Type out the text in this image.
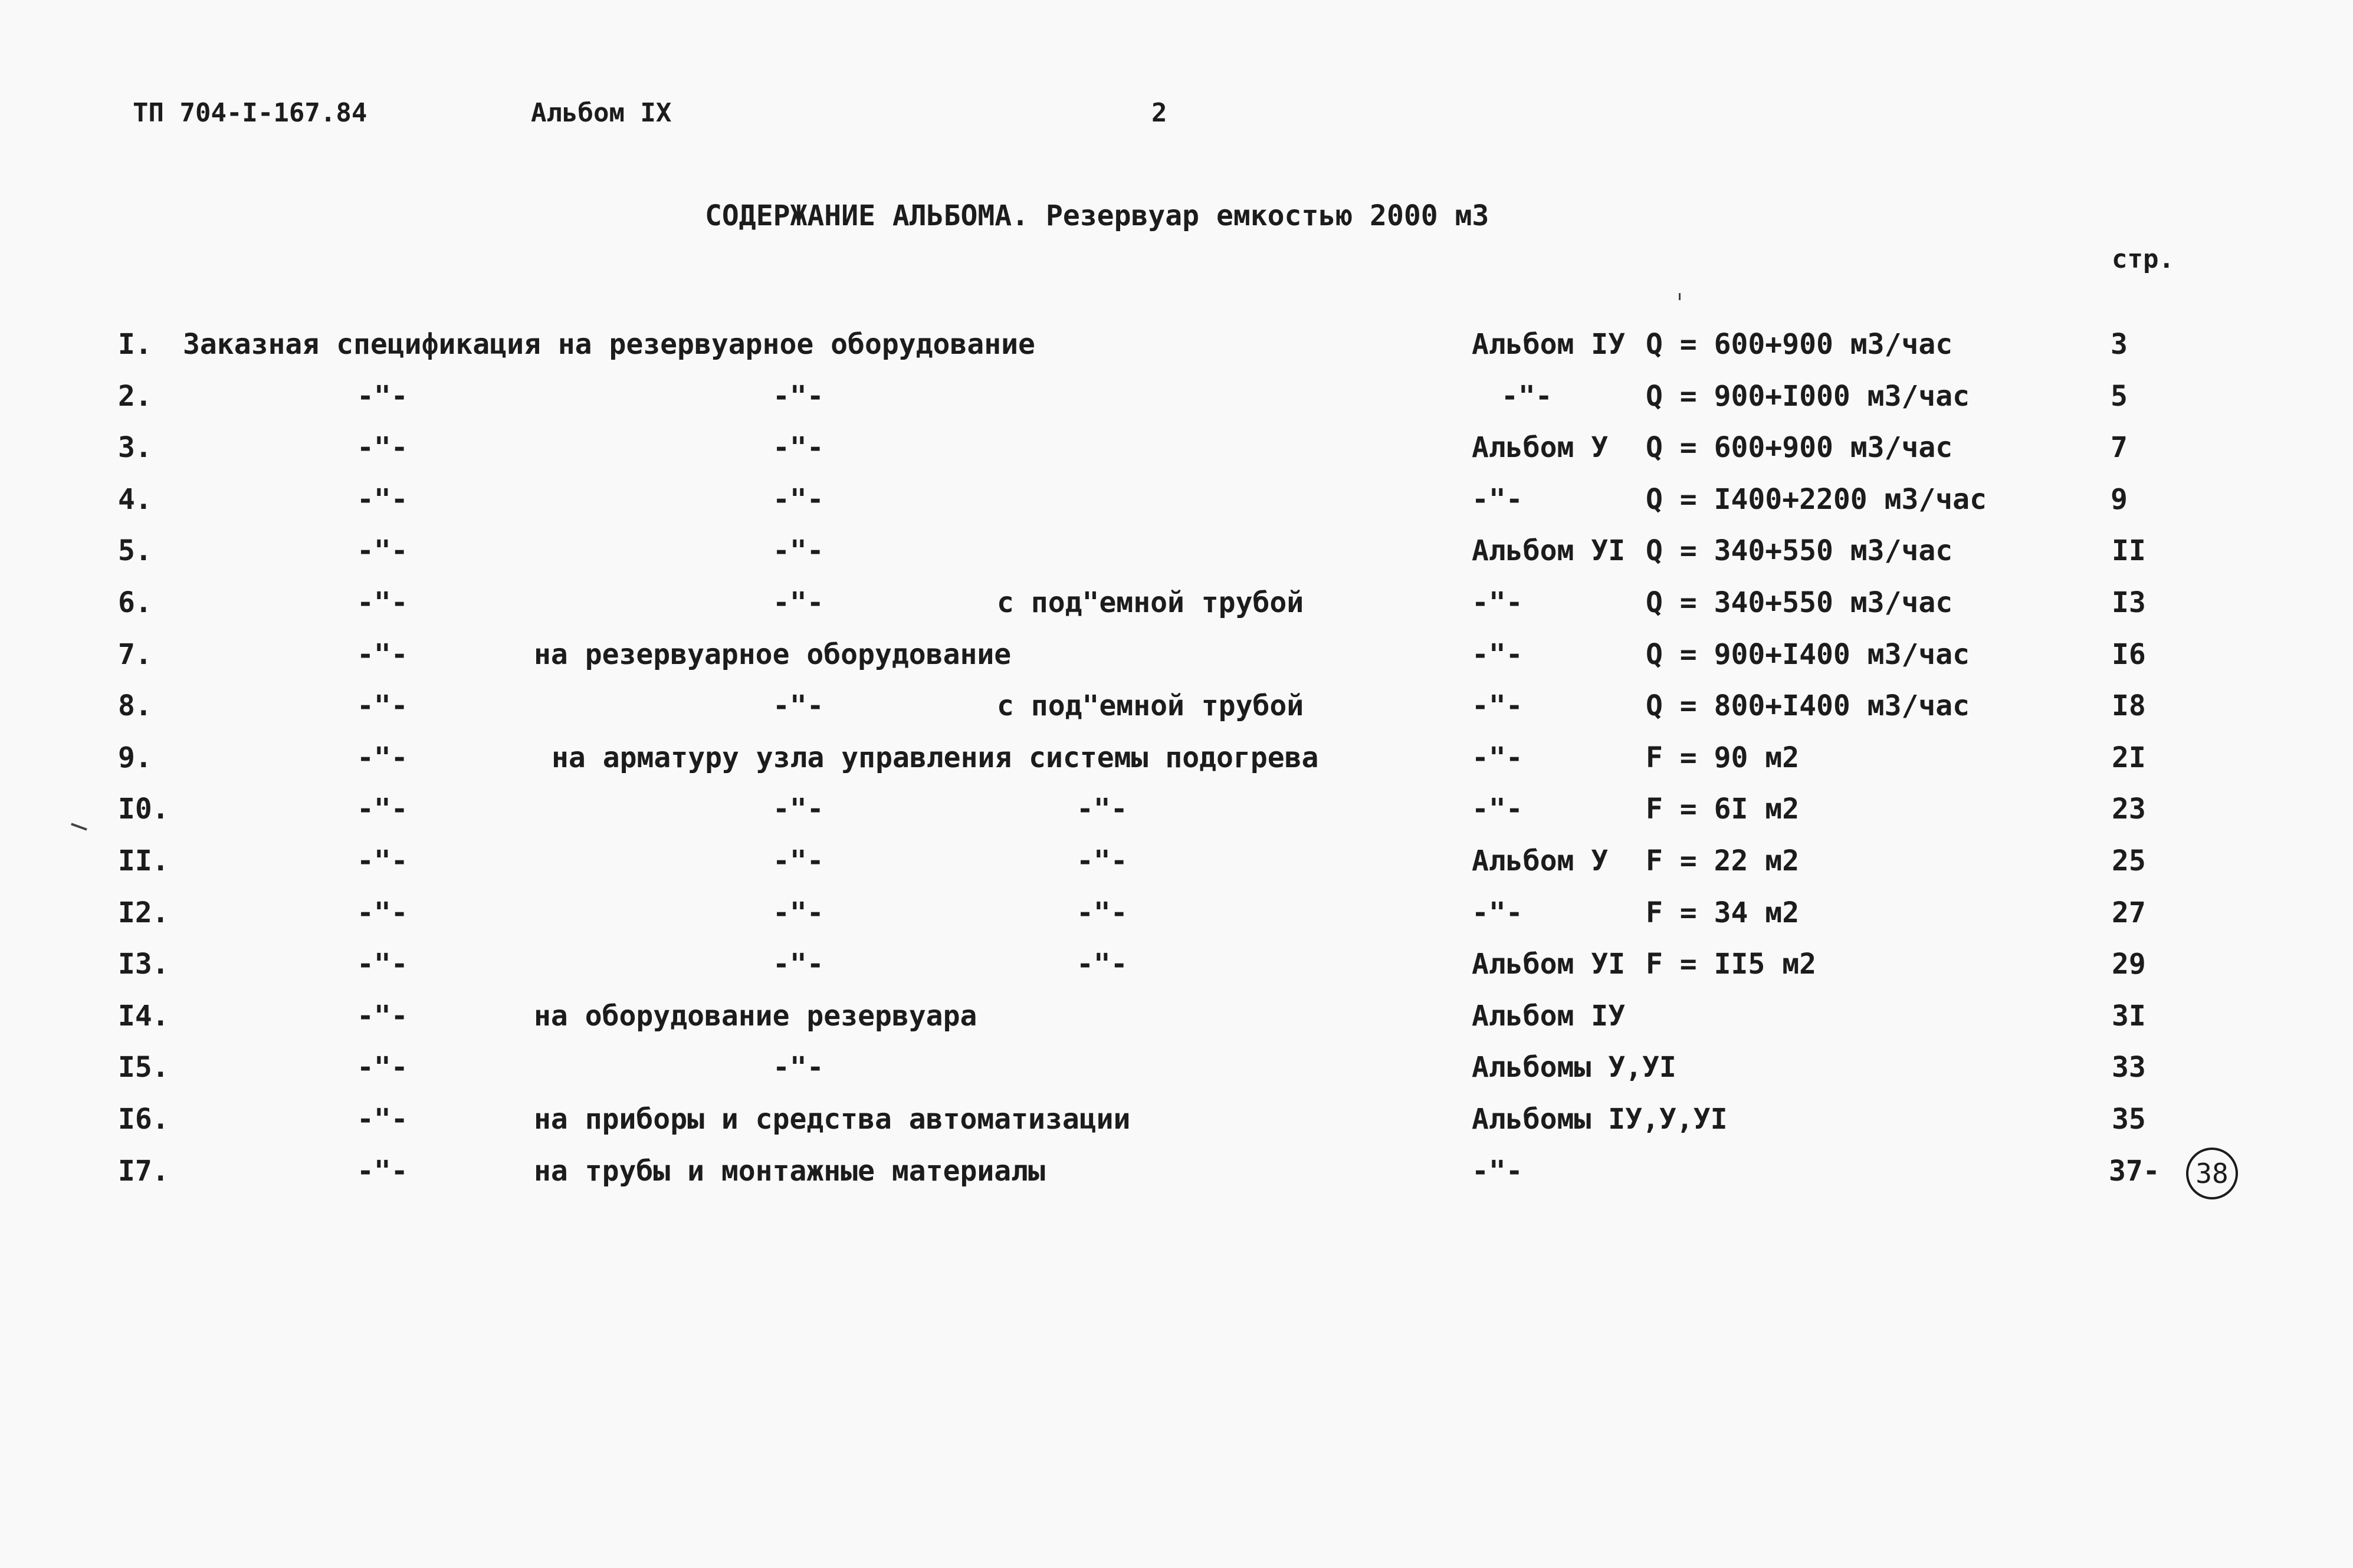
ТП 704-I-167.84	Альбом IX	2
СОДЕРЖАНИЕ АЛЬБОМА. Резервуар емкостью 2000 м3
стр.
I. Заказная спецификация на резервуарное оборудование	Альбом IУ Q = 600+900 м3/час	3
2.	-"-	-"-	-"-	Q = 900+I000 м3/час	5
3.	-"-	-"-	Альбом У Q = 600+900 м3/час	7
4.	-"-	-"-	-"-	Q = I400+2200 м3/час	9
5.	-"-	-"-	Альбом УI Q = 340+550 м3/час	II
6.	-"-	-"-	с под"емной трубой	-"-	Q = 340+550 м3/час	I3
7.	-"-	на резервуарное оборудование	-"-	Q = 900+I400 м3/час	I6
8.	-"-	-"-	с под"емной трубой	-"-	Q = 800+I400 м3/час	I8
9.	-"-	на арматуру узла управления системы подогрева	-"-	F = 90 м2	2I
I0.	-"-	-"-	-"-	-"-	F = 6I м2	23
II.	-"-	-"-	-"-	Альбом У F = 22 м2	25
I2.	-"-	-"-	-"-	-"-	F = 34 м2	27
I3.	-"-	-"-	-"-	Альбом УI F = II5 м2	29
I4.	-"-	на оборудование резервуара	Альбом IУ	3I
I5.	-"-	-"-	Альбомы У,УI	33
I6.	-"-	на приборы и средства автоматизации	Альбомы IУ,У,УI	35
I7.	-"-	на трубы и монтажные материалы	-"-	37-	38
